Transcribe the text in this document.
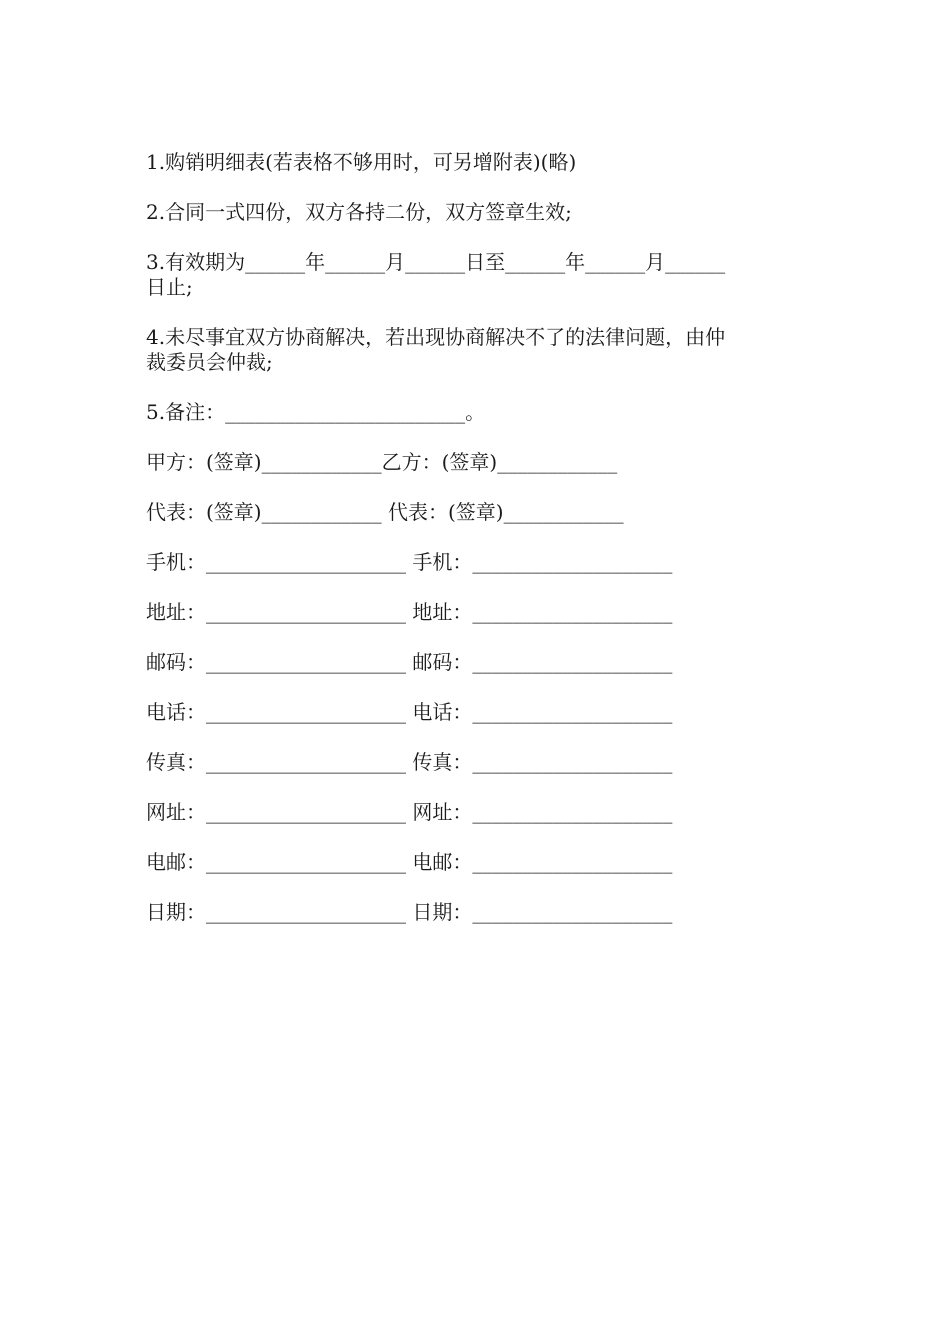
1.购销明细表(若表格不够用时，可另增附表)(略)
2.合同一式四份，双方各持二份，双方签章生效;
3.有效期为______年______月______日至______年______月______
日止;
4.未尽事宜双方协商解决，若出现协商解决不了的法律问题，由仲
裁委员会仲裁;
5.备注：________________________。
甲方：(签章)____________乙方：(签章)____________
代表：(签章)____________ 代表：(签章)____________
手机：____________________ 手机：____________________
地址：____________________ 地址：____________________
邮码：____________________ 邮码：____________________
电话：____________________ 电话：____________________
传真：____________________ 传真：____________________
网址：____________________ 网址：____________________
电邮：____________________ 电邮：____________________
日期：____________________ 日期：____________________
